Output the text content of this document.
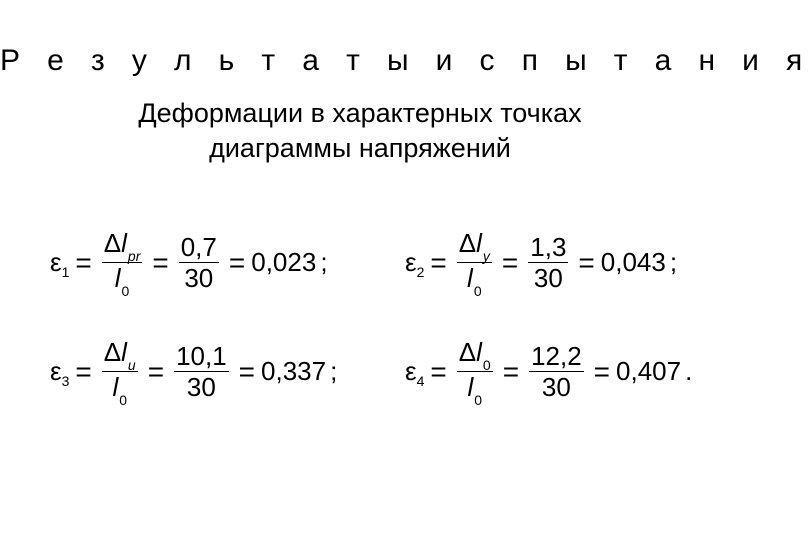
Р е з у л ь т а т ы и с п ы т а н и я
Деформации в характерных точках
диаграммы напряжений
ε $1 = \frac{\Delta l_{pr}}{l_0} = \frac{0,7}{30} = 0,023$ ;	ε $2 = \frac{\Delta l_y}{l_0} = \frac{1,3}{30} = 0,043$ ;
ε $3 = \frac{\Delta l_u}{l_0} = \frac{10,1}{30} = 0,337$ ;	ε $4 = \frac{\Delta l_0}{l_0} = \frac{12,2}{30} = 0,407$ .
